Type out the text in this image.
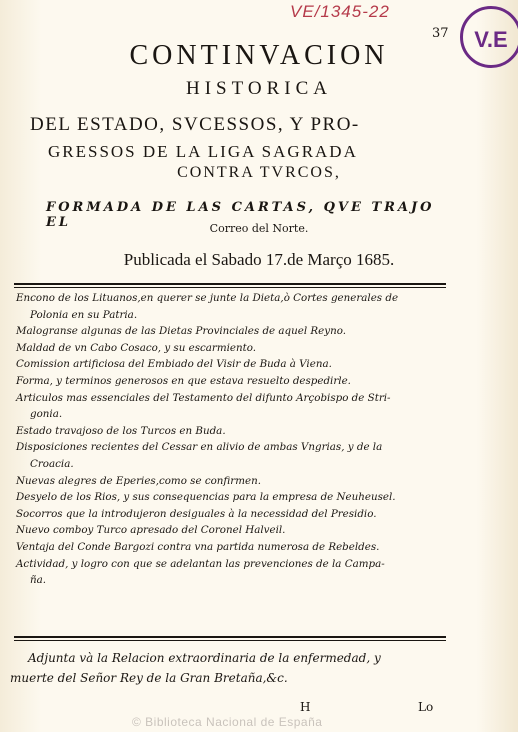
VE/1345-22
V.E
37
CONTINVACION
HISTORICA
DEL ESTADO, SVCESSOS, Y PRO-
GRESSOS DE LA LIGA SAGRADA
CONTRA TVRCOS,
FORMADA DE LAS CARTAS, QVE TRAJO EL	Correo del Norte.
Publicada el Sabado 17.de Março 1685.
Encono de los Lituanos,en querer se junte la Dieta,ò Cortes generales de
Polonia en su Patria.
Malogranse algunas de las Dietas Provinciales de aquel Reyno.
Maldad de vn Cabo Cosaco, y su escarmiento.
Comission artificiosa del Embiado del Visir de Buda à Viena.
Forma, y terminos generosos en que estava resuelto despedirle.
Articulos mas essenciales del Testamento del difunto Arçobispo de Stri-
gonia.
Estado travajoso de los Turcos en Buda.
Disposiciones recientes del Cessar en alivio de ambas Vngrias, y de la
Croacia.
Nuevas alegres de Eperies,como se confirmen.
Desyelo de los Rios, y sus consequencias para la empresa de Neuheusel.
Socorros que la introdujeron desiguales à la necessidad del Presidio.
Nuevo comboy Turco apresado del Coronel Halveil.
Ventaja del Conde Bargozi contra vna partida numerosa de Rebeldes.
Actividad, y logro con que se adelantan las prevenciones de la Campa-
ña.
Adjunta và la Relacion extraordinaria de la enfermedad, y
muerte del Señor Rey de la Gran Bretaña,&c.
H	Lo
© Biblioteca Nacional de España
